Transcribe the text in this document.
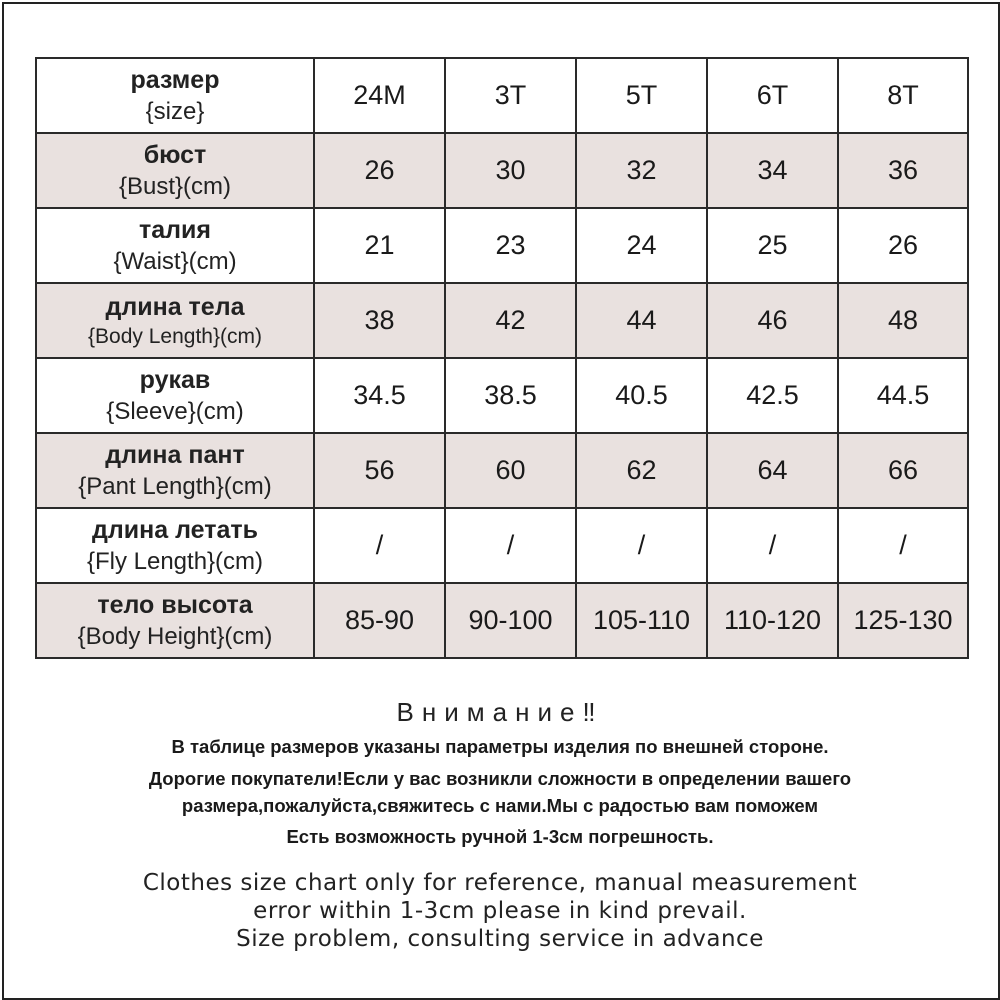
размер
{size}	24M	3T	5T	6T	8T

бюст
{Bust}(cm)	26	30	32	34	36

талия
{Waist}(cm)	21	23	24	25	26

длина тела
{Body Length}(cm)	38	42	44	46	48

рукав
{Sleeve}(cm)	34.5	38.5	40.5	42.5	44.5

длина пант
{Pant Length}(cm)	56	60	62	64	66

длина летать
{Fly Length}(cm)	/	/	/	/	/

тело высота
{Body Height}(cm)	85-90	90-100	105-110	110-120	125-130
Внимание‼
В таблице размеров указаны параметры изделия по внешней стороне.
Дорогие покупатели!Если у вас возникли сложности в определении вашего
размера,пожалуйста,свяжитесь с нами.Мы с радостью вам поможем
Есть возможность ручной 1-3см погрешность.
Clothes size chart only for reference, manual measurement
error within 1-3cm please in kind prevail.
Size problem, consulting service in advance
